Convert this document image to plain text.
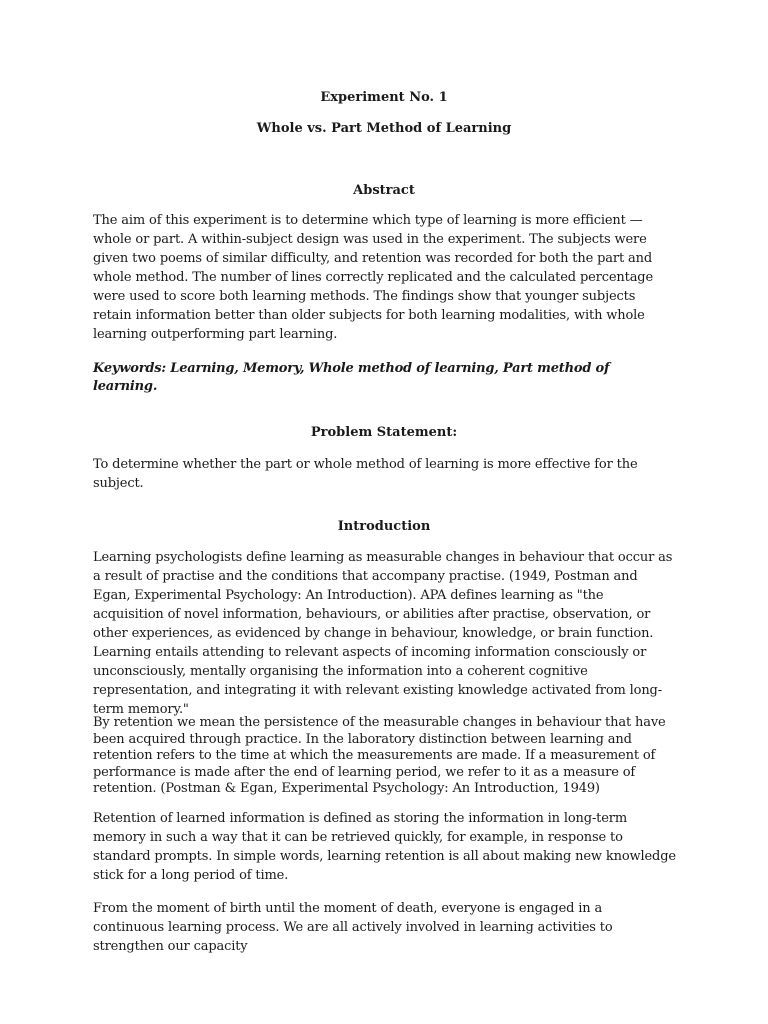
Experiment No. 1
Whole vs. Part Method of Learning
Abstract

The aim of this experiment is to determine which type of learning is more efficient — whole or part. A within-subject design was used in the experiment. The subjects were given two poems of similar difficulty, and retention was recorded for both the part and whole method. The number of lines correctly replicated and the calculated percentage were used to score both learning methods. The findings show that younger subjects retain information better than older subjects for both learning modalities, with whole learning outperforming part learning.

Keywords: Learning, Memory, Whole method of learning, Part method of learning.

Problem Statement:

To determine whether the part or whole method of learning is more effective for the subject.

Introduction

Learning psychologists define learning as measurable changes in behaviour that occur as a result of practise and the conditions that accompany practise. (1949, Postman and Egan, Experimental Psychology: An Introduction). APA defines learning as "the acquisition of novel information, behaviours, or abilities after practise, observation, or other experiences, as evidenced by change in behaviour, knowledge, or brain function. Learning entails attending to relevant aspects of incoming information consciously or unconsciously, mentally organising the information into a coherent cognitive representation, and integrating it with relevant existing knowledge activated from long-term memory."

By retention we mean the persistence of the measurable changes in behaviour that have been acquired through practice. In the laboratory distinction between learning and retention refers to the time at which the measurements are made. If a measurement of performance is made after the end of learning period, we refer to it as a measure of retention. (Postman & Egan, Experimental Psychology: An Introduction, 1949)

Retention of learned information is defined as storing the information in long-term memory in such a way that it can be retrieved quickly, for example, in response to standard prompts. In simple words, learning retention is all about making new knowledge stick for a long period of time.

From the moment of birth until the moment of death, everyone is engaged in a continuous learning process. We are all actively involved in learning activities to strengthen our capacity
